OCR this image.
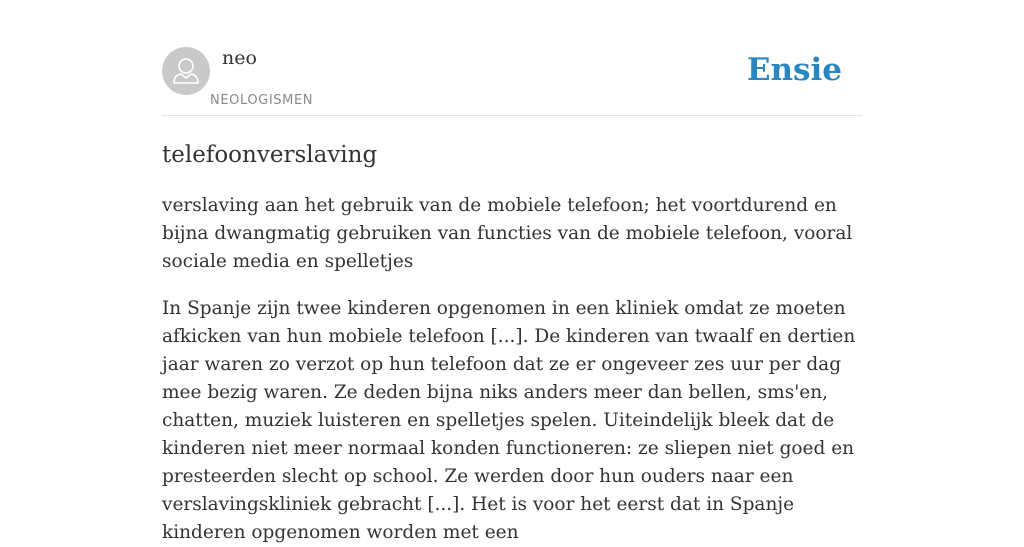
neo
NEOLOGISMEN
Ensie
telefoonverslaving

verslaving aan het gebruik van de mobiele telefoon; het voortdurend en bijna dwangmatig gebruiken van functies van de mobiele telefoon, vooral sociale media en spelletjes

In Spanje zijn twee kinderen opgenomen in een kliniek omdat ze moeten afkicken van hun mobiele telefoon [...]. De kinderen van twaalf en dertien jaar waren zo verzot op hun telefoon dat ze er ongeveer zes uur per dag mee bezig waren. Ze deden bijna niks anders meer dan bellen, sms'en, chatten, muziek luisteren en spelletjes spelen. Uiteindelijk bleek dat de kinderen niet meer normaal konden functioneren: ze sliepen niet goed en presteerden slecht op school. Ze werden door hun ouders naar een verslavingskliniek gebracht [...]. Het is voor het eerst dat in Spanje kinderen opgenomen worden met een
